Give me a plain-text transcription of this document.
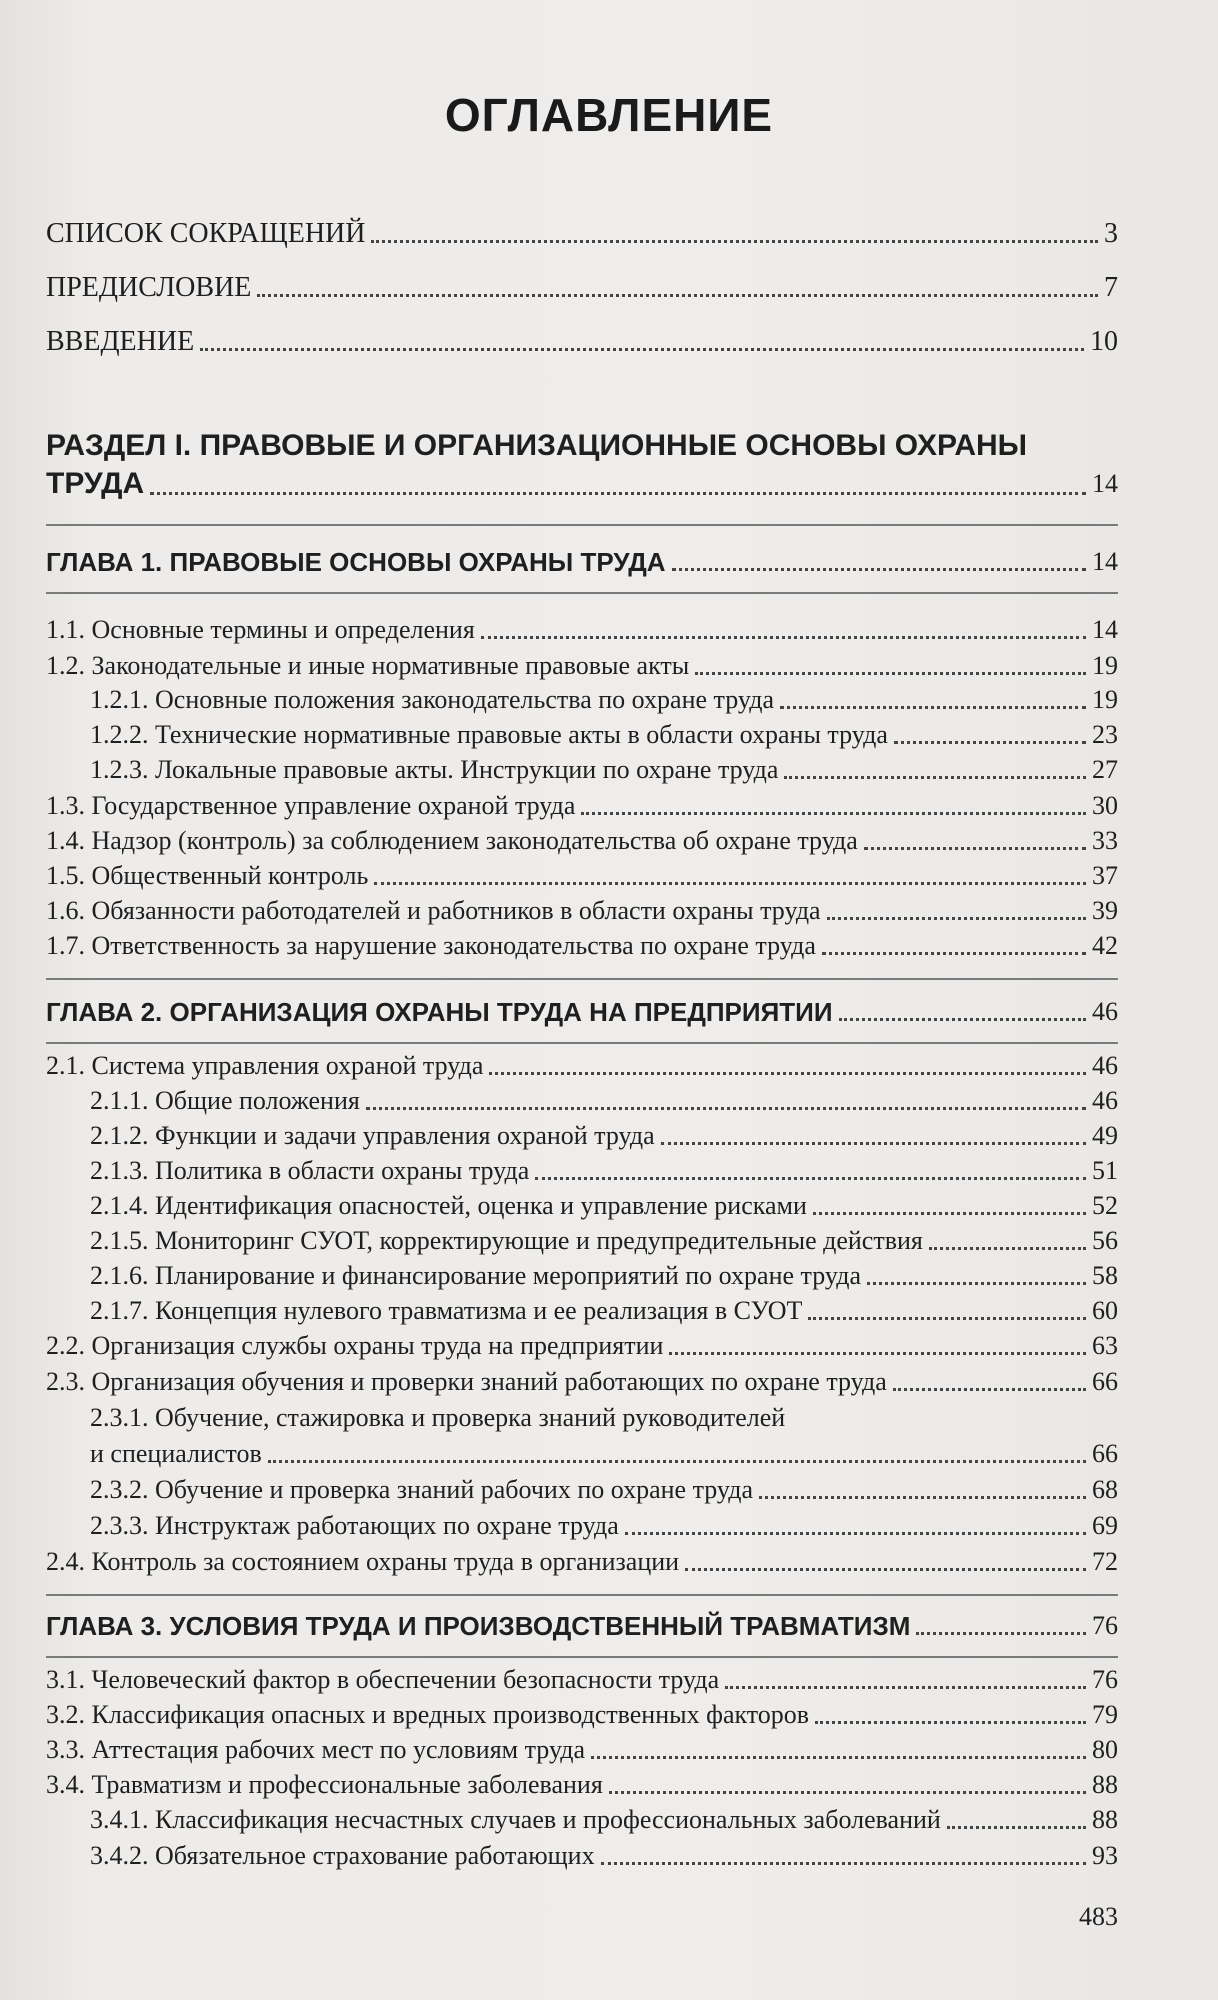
ОГЛАВЛЕНИЕ
СПИСОК СОКРАЩЕНИЙ	3
ПРЕДИСЛОВИЕ	7
ВВЕДЕНИЕ	10
РАЗДЕЛ I. ПРАВОВЫЕ И ОРГАНИЗАЦИОННЫЕ ОСНОВЫ ОХРАНЫ
ТРУДА	14
ГЛАВА 1. ПРАВОВЫЕ ОСНОВЫ ОХРАНЫ ТРУДА	14
1.1. Основные термины и определения	14
1.2. Законодательные и иные нормативные правовые акты	19
1.2.1. Основные положения законодательства по охране труда	19
1.2.2. Технические нормативные правовые акты в области охраны труда	23
1.2.3. Локальные правовые акты. Инструкции по охране труда	27
1.3. Государственное управление охраной труда	30
1.4. Надзор (контроль) за соблюдением законодательства об охране труда	33
1.5. Общественный контроль	37
1.6. Обязанности работодателей и работников в области охраны труда	39
1.7. Ответственность за нарушение законодательства по охране труда	42
ГЛАВА 2. ОРГАНИЗАЦИЯ ОХРАНЫ ТРУДА НА ПРЕДПРИЯТИИ	46
2.1. Система управления охраной труда	46
2.1.1. Общие положения	46
2.1.2. Функции и задачи управления охраной труда	49
2.1.3. Политика в области охраны труда	51
2.1.4. Идентификация опасностей, оценка и управление рисками	52
2.1.5. Мониторинг СУОТ, корректирующие и предупредительные действия	56
2.1.6. Планирование и финансирование мероприятий по охране труда	58
2.1.7. Концепция нулевого травматизма и ее реализация в СУОТ	60
2.2. Организация службы охраны труда на предприятии	63
2.3. Организация обучения и проверки знаний работающих по охране труда	66
2.3.1. Обучение, стажировка и проверка знаний руководителей
и специалистов	66
2.3.2. Обучение и проверка знаний рабочих по охране труда	68
2.3.3. Инструктаж работающих по охране труда	69
2.4. Контроль за состоянием охраны труда в организации	72
ГЛАВА 3. УСЛОВИЯ ТРУДА И ПРОИЗВОДСТВЕННЫЙ ТРАВМАТИЗМ	76
3.1. Человеческий фактор в обеспечении безопасности труда	76
3.2. Классификация опасных и вредных производственных факторов	79
3.3. Аттестация рабочих мест по условиям труда	80
3.4. Травматизм и профессиональные заболевания	88
3.4.1. Классификация несчастных случаев и профессиональных заболеваний	88
3.4.2. Обязательное страхование работающих	93
483
